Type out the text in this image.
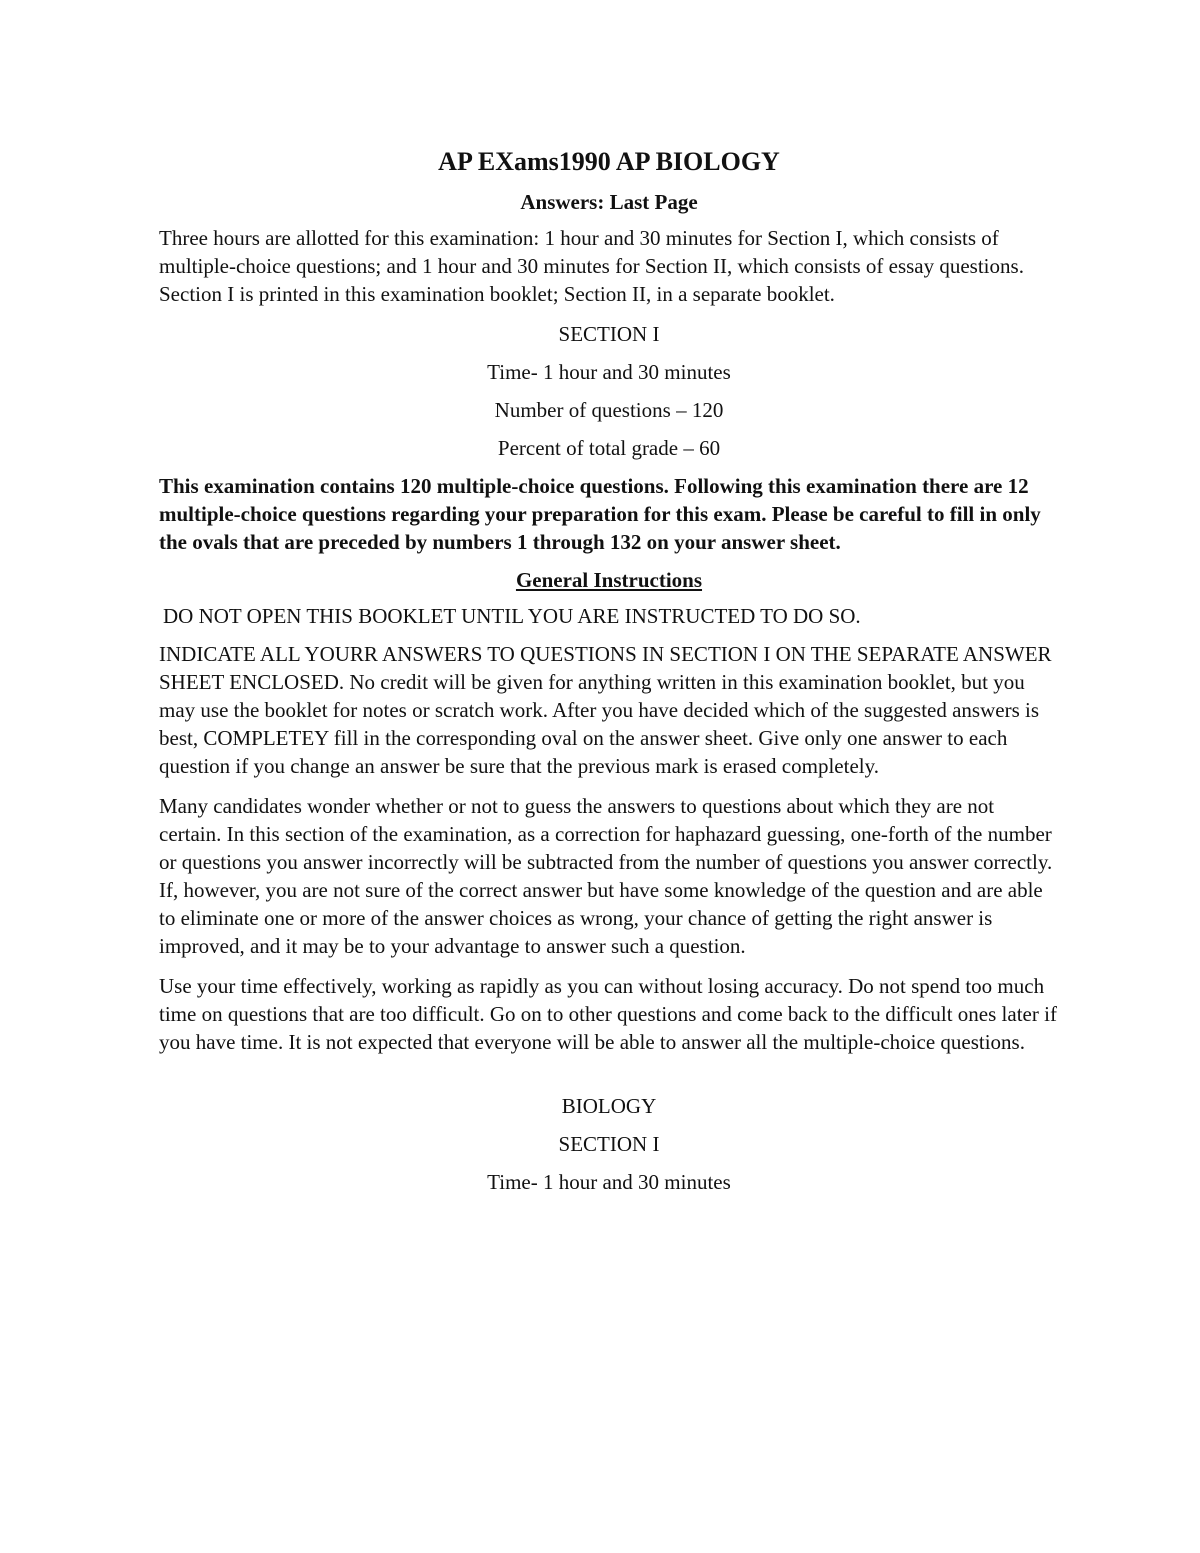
AP EXams1990 AP BIOLOGY
Answers: Last Page
Three hours are allotted for this examination: 1 hour and 30 minutes for Section I, which consists of multiple-choice questions; and 1 hour and 30 minutes for Section II, which consists of essay questions. Section I is printed in this examination booklet; Section II, in a separate booklet.
SECTION I
Time- 1 hour and 30 minutes
Number of questions – 120
Percent of total grade – 60
This examination contains 120 multiple-choice questions. Following this examination there are 12 multiple-choice questions regarding your preparation for this exam. Please be careful to fill in only the ovals that are preceded by numbers 1 through 132 on your answer sheet.
General Instructions
DO NOT OPEN THIS BOOKLET UNTIL YOU ARE INSTRUCTED TO DO SO.
INDICATE ALL YOURR ANSWERS TO QUESTIONS IN SECTION I ON THE SEPARATE ANSWER SHEET ENCLOSED. No credit will be given for anything written in this examination booklet, but you may use the booklet for notes or scratch work. After you have decided which of the suggested answers is best, COMPLETEY fill in the corresponding oval on the answer sheet. Give only one answer to each question if you change an answer be sure that the previous mark is erased completely.
Many candidates wonder whether or not to guess the answers to questions about which they are not certain. In this section of the examination, as a correction for haphazard guessing, one-forth of the number or questions you answer incorrectly will be subtracted from the number of questions you answer correctly. If, however, you are not sure of the correct answer but have some knowledge of the question and are able to eliminate one or more of the answer choices as wrong, your chance of getting the right answer is improved, and it may be to your advantage to answer such a question.
Use your time effectively, working as rapidly as you can without losing accuracy. Do not spend too much time on questions that are too difficult. Go on to other questions and come back to the difficult ones later if you have time. It is not expected that everyone will be able to answer all the multiple-choice questions.
BIOLOGY
SECTION I
Time- 1 hour and 30 minutes
